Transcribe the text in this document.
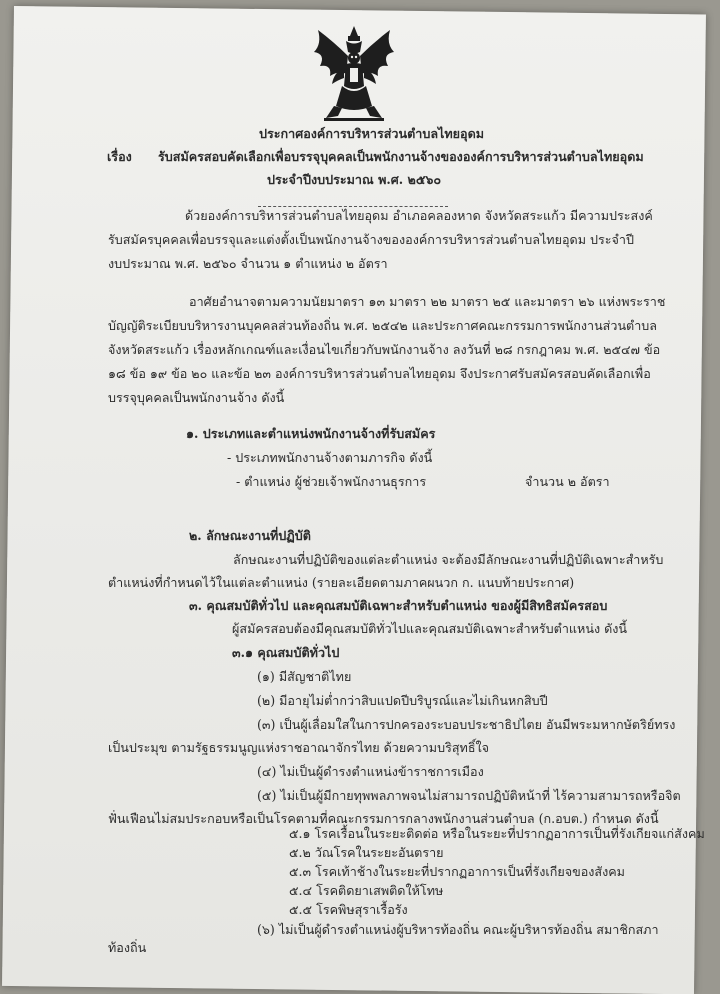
ประกาศองค์การบริหารส่วนตำบลไทยอุดม
เรื่อง รับสมัครสอบคัดเลือกเพื่อบรรจุบุคคลเป็นพนักงานจ้างขององค์การบริหารส่วนตำบลไทยอุดม
ประจำปีงบประมาณ พ.ศ. ๒๕๖๐
ด้วยองค์การบริหารส่วนตำบลไทยอุดม อำเภอคลองหาด จังหวัดสระแก้ว มีความประสงค์
รับสมัครบุคคลเพื่อบรรจุและแต่งตั้งเป็นพนักงานจ้างขององค์การบริหารส่วนตำบลไทยอุดม ประจำปี
งบประมาณ พ.ศ. ๒๕๖๐ จำนวน ๑ ตำแหน่ง ๒ อัตรา
อาศัยอำนาจตามความนัยมาตรา ๑๓ มาตรา ๒๒ มาตรา ๒๕ และมาตรา ๒๖ แห่งพระราช
บัญญัติระเบียบบริหารงานบุคคลส่วนท้องถิ่น พ.ศ. ๒๕๔๒ และประกาศคณะกรรมการพนักงานส่วนตำบล
จังหวัดสระแก้ว เรื่องหลักเกณฑ์และเงื่อนไขเกี่ยวกับพนักงานจ้าง ลงวันที่ ๒๘ กรกฎาคม พ.ศ. ๒๕๔๗ ข้อ
๑๘ ข้อ ๑๙ ข้อ ๒๐ และข้อ ๒๓ องค์การบริหารส่วนตำบลไทยอุดม จึงประกาศรับสมัครสอบคัดเลือกเพื่อ
บรรจุบุคคลเป็นพนักงานจ้าง ดังนี้
๑. ประเภทและตำแหน่งพนักงานจ้างที่รับสมัคร
- ประเภทพนักงานจ้างตามภารกิจ ดังนี้
- ตำแหน่ง ผู้ช่วยเจ้าพนักงานธุรการ	จำนวน ๒ อัตรา
๒. ลักษณะงานที่ปฏิบัติ
ลักษณะงานที่ปฏิบัติของแต่ละตำแหน่ง จะต้องมีลักษณะงานที่ปฏิบัติเฉพาะสำหรับ
ตำแหน่งที่กำหนดไว้ในแต่ละตำแหน่ง (รายละเอียดตามภาคผนวก ก. แนบท้ายประกาศ)
๓. คุณสมบัติทั่วไป และคุณสมบัติเฉพาะสำหรับตำแหน่ง ของผู้มีสิทธิสมัครสอบ
ผู้สมัครสอบต้องมีคุณสมบัติทั่วไปและคุณสมบัติเฉพาะสำหรับตำแหน่ง ดังนี้
๓.๑ คุณสมบัติทั่วไป
(๑) มีสัญชาติไทย
(๒) มีอายุไม่ต่ำกว่าสิบแปดปีบริบูรณ์และไม่เกินหกสิบปี
(๓) เป็นผู้เลื่อมใสในการปกครองระบอบประชาธิปไตย อันมีพระมหากษัตริย์ทรง
เป็นประมุข ตามรัฐธรรมนูญแห่งราชอาณาจักรไทย ด้วยความบริสุทธิ์ใจ
(๔) ไม่เป็นผู้ดำรงตำแหน่งข้าราชการเมือง
(๕) ไม่เป็นผู้มีกายทุพพลภาพจนไม่สามารถปฏิบัติหน้าที่ ไร้ความสามารถหรือจิต
ฟั่นเฟือนไม่สมประกอบหรือเป็นโรคตามที่คณะกรรมการกลางพนักงานส่วนตำบล (ก.อบต.) กำหนด ดังนี้
๕.๑ โรคเรื้อนในระยะติดต่อ หรือในระยะที่ปรากฏอาการเป็นที่รังเกียจแก่สังคม
๕.๒ วัณโรคในระยะอันตราย
๕.๓ โรคเท้าช้างในระยะที่ปรากฏอาการเป็นที่รังเกียจของสังคม
๕.๔ โรคติดยาเสพติดให้โทษ
๕.๕ โรคพิษสุราเรื้อรัง
(๖) ไม่เป็นผู้ดำรงตำแหน่งผู้บริหารท้องถิ่น คณะผู้บริหารท้องถิ่น สมาชิกสภา
ท้องถิ่น
